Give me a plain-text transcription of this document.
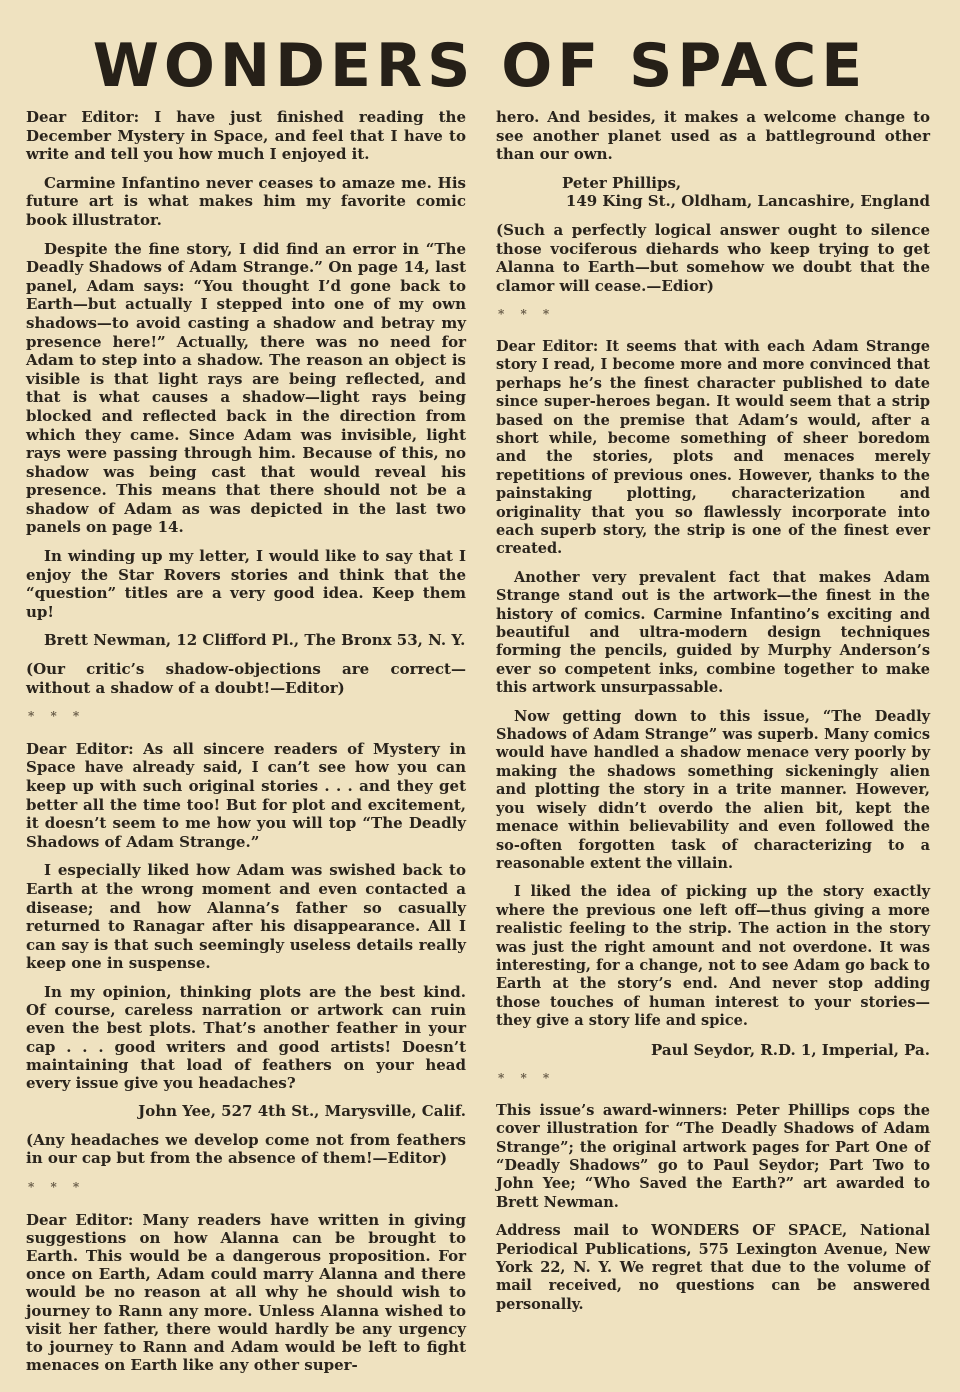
WONDERS OF SPACE

Dear Editor: I have just finished reading the December Mystery in Space, and feel that I have to write and tell you how much I enjoyed it.

Carmine Infantino never ceases to amaze me. His future art is what makes him my favorite comic book illustrator.

Despite the fine story, I did find an error in “The Deadly Shadows of Adam Strange.” On page 14, last panel, Adam says: “You thought I’d gone back to Earth—but actually I stepped into one of my own shadows—to avoid casting a shadow and betray my presence here!” Actually, there was no need for Adam to step into a shadow. The reason an object is visible is that light rays are being reflected, and that is what causes a shadow—light rays being blocked and reflected back in the direction from which they came. Since Adam was invisible, light rays were passing through him. Because of this, no shadow was being cast that would reveal his presence. This means that there should not be a shadow of Adam as was depicted in the last two panels on page 14.

In winding up my letter, I would like to say that I enjoy the Star Rovers stories and think that the “question” titles are a very good idea. Keep them up!

Brett Newman, 12 Clifford Pl., The Bronx 53, N. Y.

(Our critic’s shadow-objections are correct—without a shadow of a doubt!—Editor)

* * *

Dear Editor: As all sincere readers of Mystery in Space have already said, I can’t see how you can keep up with such original stories . . . and they get better all the time too! But for plot and excitement, it doesn’t seem to me how you will top “The Deadly Shadows of Adam Strange.”

I especially liked how Adam was swished back to Earth at the wrong moment and even contacted a disease; and how Alanna’s father so casually returned to Ranagar after his disappearance. All I can say is that such seemingly useless details really keep one in suspense.

In my opinion, thinking plots are the best kind. Of course, careless narration or artwork can ruin even the best plots. That’s another feather in your cap . . . good writers and good artists! Doesn’t maintaining that load of feathers on your head every issue give you headaches?

John Yee, 527 4th St., Marysville, Calif.

(Any headaches we develop come not from feathers in our cap but from the absence of them!—Editor)

* * *

Dear Editor: Many readers have written in giving suggestions on how Alanna can be brought to Earth. This would be a dangerous proposition. For once on Earth, Adam could marry Alanna and there would be no reason at all why he should wish to journey to Rann any more. Unless Alanna wished to visit her father, there would hardly be any urgency to journey to Rann and Adam would be left to fight menaces on Earth like any other super-

hero. And besides, it makes a welcome change to see another planet used as a battleground other than our own.

Peter Phillips,

149 King St., Oldham, Lancashire, England

(Such a perfectly logical answer ought to silence those vociferous diehards who keep trying to get Alanna to Earth—but somehow we doubt that the clamor will cease.—Edior)

* * *

Dear Editor: It seems that with each Adam Strange story I read, I become more and more convinced that perhaps he’s the finest character published to date since super-heroes began. It would seem that a strip based on the premise that Adam’s would, after a short while, become something of sheer boredom and the stories, plots and menaces merely repetitions of previous ones. However, thanks to the painstaking plotting, characterization and originality that you so flawlessly incorporate into each superb story, the strip is one of the finest ever created.

Another very prevalent fact that makes Adam Strange stand out is the artwork—the finest in the history of comics. Carmine Infantino’s exciting and beautiful and ultra-modern design techniques forming the pencils, guided by Murphy Anderson’s ever so competent inks, combine together to make this artwork unsurpassable.

Now getting down to this issue, “The Deadly Shadows of Adam Strange” was superb. Many comics would have handled a shadow menace very poorly by making the shadows something sickeningly alien and plotting the story in a trite manner. However, you wisely didn’t overdo the alien bit, kept the menace within believability and even followed the so-often forgotten task of characterizing to a reasonable extent the villain.

I liked the idea of picking up the story exactly where the previous one left off—thus giving a more realistic feeling to the strip. The action in the story was just the right amount and not overdone. It was interesting, for a change, not to see Adam go back to Earth at the story’s end. And never stop adding those touches of human interest to your stories—they give a story life and spice.

Paul Seydor, R.D. 1, Imperial, Pa.

* * *

This issue’s award-winners: Peter Phillips cops the cover illustration for “The Deadly Shadows of Adam Strange”; the original artwork pages for Part One of “Deadly Shadows” go to Paul Seydor; Part Two to John Yee; “Who Saved the Earth?” art awarded to Brett Newman.

Address mail to WONDERS OF SPACE, National Periodical Publications, 575 Lexington Avenue, New York 22, N. Y. We regret that due to the volume of mail received, no questions can be answered personally.
